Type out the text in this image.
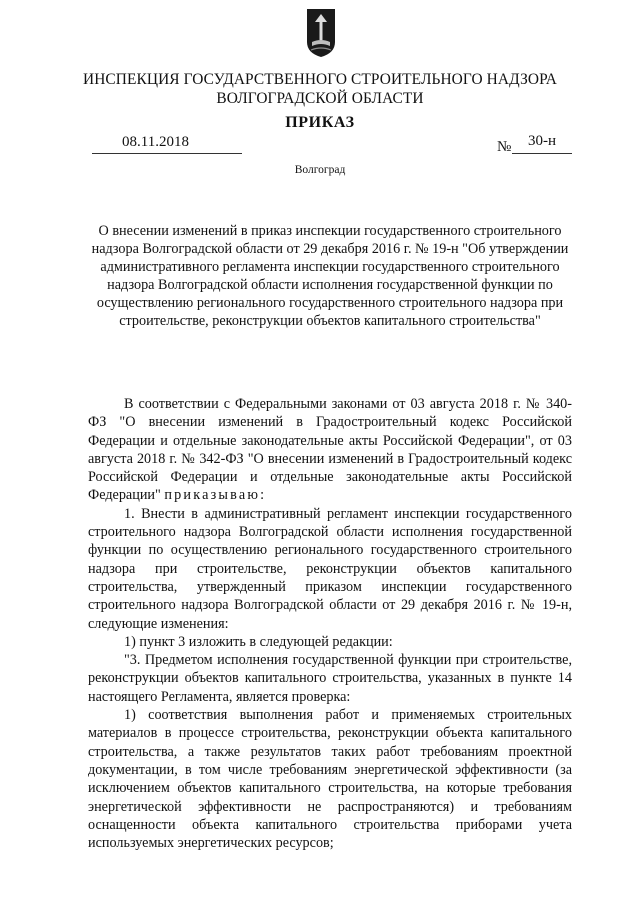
ИНСПЕКЦИЯ ГОСУДАРСТВЕННОГО СТРОИТЕЛЬНОГО НАДЗОРА
ВОЛГОГРАДСКОЙ ОБЛАСТИ
ПРИКАЗ
08.11.2018	№ 30-н
Волгоград
О внесении изменений в приказ инспекции государственного строительного надзора Волгоградской области от 29 декабря 2016 г. № 19-н "Об утверждении административного регламента инспекции государственного строительного надзора Волгоградской области исполнения государственной функции по осуществлению регионального государственного строительного надзора при строительстве, реконструкции объектов капитального строительства"

В соответствии с Федеральными законами от 03 августа 2018 г. № 340-ФЗ "О внесении изменений в Градостроительный кодекс Российской Федерации и отдельные законодательные акты Российской Федерации", от 03 августа 2018 г. № 342-ФЗ "О внесении изменений в Градостроительный кодекс Российской Федерации и отдельные законодательные акты Российской Федерации" приказываю:

1. Внести в административный регламент инспекции государственного строительного надзора Волгоградской области исполнения государственной функции по осуществлению регионального государственного строительного надзора при строительстве, реконструкции объектов капитального строительства, утвержденный приказом инспекции государственного строительного надзора Волгоградской области от 29 декабря 2016 г. № 19-н, следующие изменения:

1) пункт 3 изложить в следующей редакции:

"3. Предметом исполнения государственной функции при строительстве, реконструкции объектов капитального строительства, указанных в пункте 14 настоящего Регламента, является проверка:

1) соответствия выполнения работ и применяемых строительных материалов в процессе строительства, реконструкции объекта капитального строительства, а также результатов таких работ требованиям проектной документации, в том числе требованиям энергетической эффективности (за исключением объектов капитального строительства, на которые требования энергетической эффективности не распространяются) и требованиям оснащенности объекта капитального строительства приборами учета используемых энергетических ресурсов;
